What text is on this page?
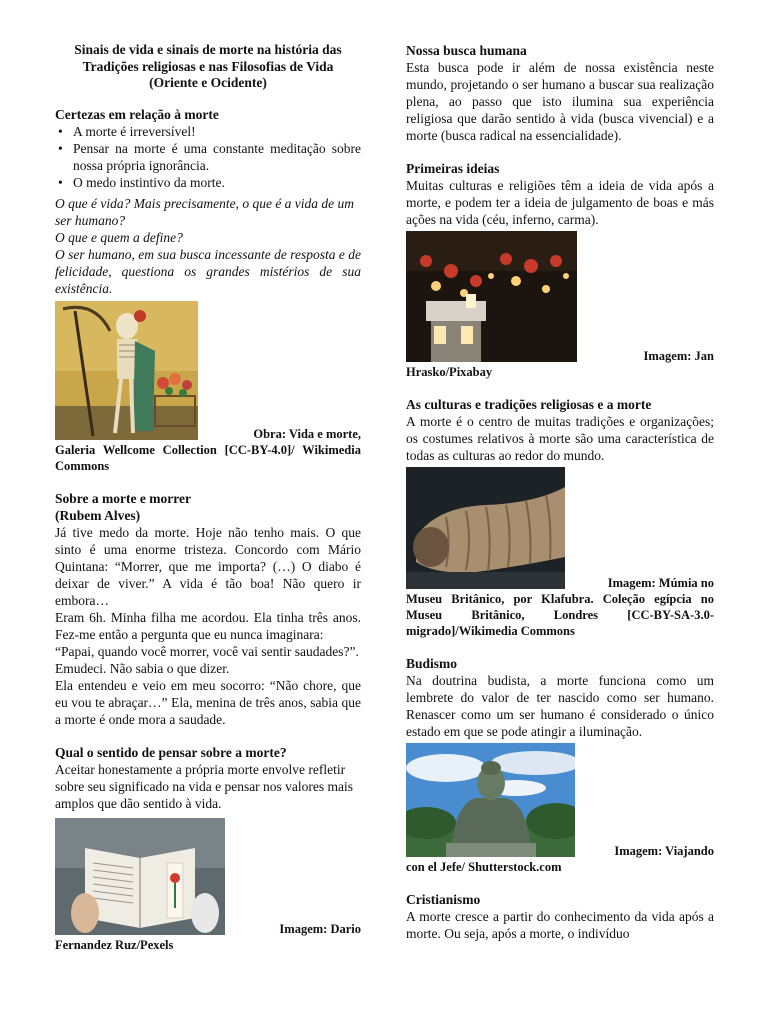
Sinais de vida e sinais de morte na história das Tradições religiosas e nas Filosofias de Vida (Oriente e Ocidente)
Certezas em relação à morte
• A morte é irreversível!
• Pensar na morte é uma constante meditação sobre nossa própria ignorância.
• O medo instintivo da morte.

O que é vida? Mais precisamente, o que é a vida de um ser humano?

O que e quem a define?

O ser humano, em sua busca incessante de resposta e de felicidade, questiona os grandes mistérios de sua existência.

Obra: Vida e morte,

Galeria Wellcome Collection [CC-BY-4.0]/ Wikimedia Commons

Sobre a morte e morrer
(Rubem Alves)

Já tive medo da morte. Hoje não tenho mais. O que sinto é uma enorme tristeza. Concordo com Mário Quintana: “Morrer, que me importa? (…) O diabo é deixar de viver.” A vida é tão boa! Não quero ir embora…

Eram 6h. Minha filha me acordou. Ela tinha três anos. Fez-me então a pergunta que eu nunca imaginara:

“Papai, quando você morrer, você vai sentir saudades?”. Emudeci. Não sabia o que dizer.

Ela entendeu e veio em meu socorro: “Não chore, que eu vou te abraçar…” Ela, menina de três anos, sabia que a morte é onde mora a saudade.

Qual o sentido de pensar sobre a morte?

Aceitar honestamente a própria morte envolve refletir sobre seu significado na vida e pensar nos valores mais amplos que dão sentido à vida.

Imagem: Dario

Fernandez Ruz/Pexels

Nossa busca humana

Esta busca pode ir além de nossa existência neste mundo, projetando o ser humano a buscar sua realização plena, ao passo que isto ilumina sua experiência religiosa que darão sentido à vida (busca vivencial) e a morte (busca radical na essencialidade).

Primeiras ideias

Muitas culturas e religiões têm a ideia de vida após a morte, e podem ter a ideia de julgamento de boas e más ações na vida (céu, inferno, carma).

Imagem: Jan

Hrasko/Pixabay

As culturas e tradições religiosas e a morte

A morte é o centro de muitas tradições e organizações; os costumes relativos à morte são uma característica de todas as culturas ao redor do mundo.

Imagem: Múmia no

Museu Britânico, por Klafubra. Coleção egípcia no Museu Britânico, Londres [CC-BY-SA-3.0-migrado]/Wikimedia Commons

Budismo

Na doutrina budista, a morte funciona como um lembrete do valor de ter nascido como ser humano. Renascer como um ser humano é considerado o único estado em que se pode atingir a iluminação.

Imagem: Viajando

con el Jefe/ Shutterstock.com

Cristianismo

A morte cresce a partir do conhecimento da vida após a morte. Ou seja, após a morte, o indivíduo
